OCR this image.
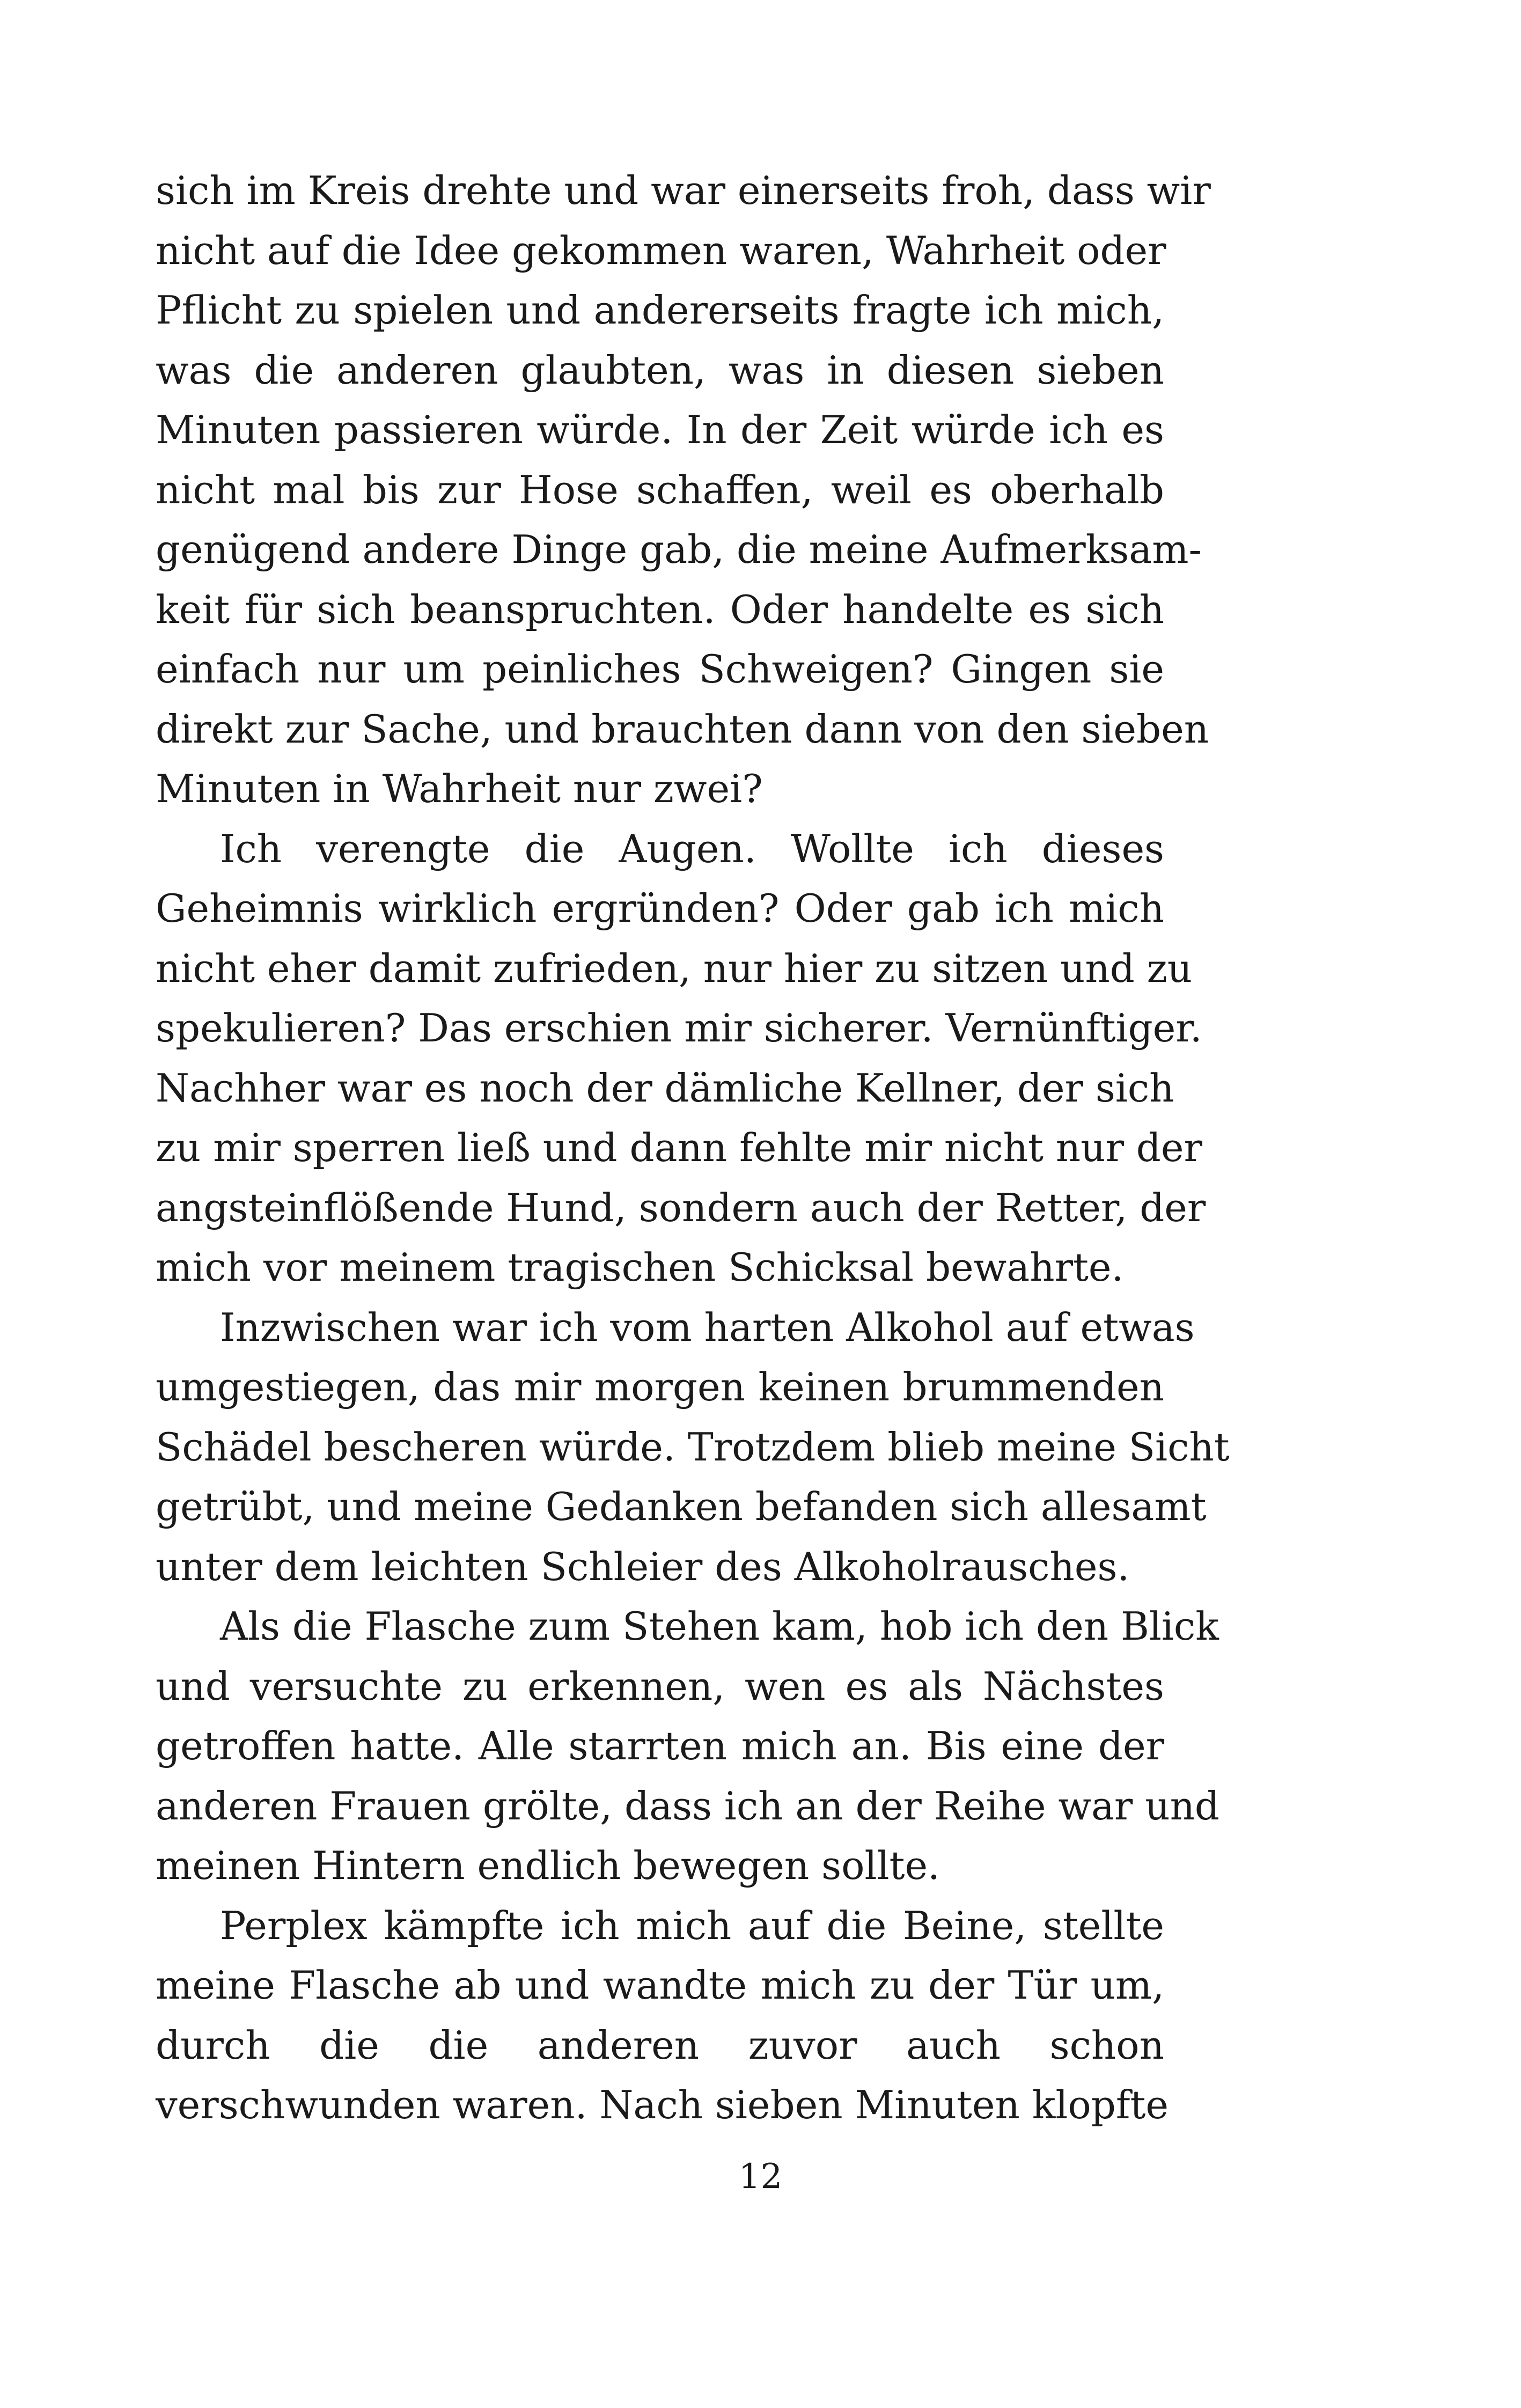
sich im Kreis drehte und war einerseits froh, dass wir
nicht auf die Idee gekommen waren, Wahrheit oder
Pflicht zu spielen und andererseits fragte ich mich,
was die anderen glaubten, was in diesen sieben
Minuten passieren würde. In der Zeit würde ich es
nicht mal bis zur Hose schaffen, weil es oberhalb
genügend andere Dinge gab, die meine Aufmerksam-
keit für sich beanspruchten. Oder handelte es sich
einfach nur um peinliches Schweigen? Gingen sie
direkt zur Sache, und brauchten dann von den sieben
Minuten in Wahrheit nur zwei?
Ich verengte die Augen. Wollte ich dieses
Geheimnis wirklich ergründen? Oder gab ich mich
nicht eher damit zufrieden, nur hier zu sitzen und zu
spekulieren? Das erschien mir sicherer. Vernünftiger.
Nachher war es noch der dämliche Kellner, der sich
zu mir sperren ließ und dann fehlte mir nicht nur der
angsteinflößende Hund, sondern auch der Retter, der
mich vor meinem tragischen Schicksal bewahrte.
Inzwischen war ich vom harten Alkohol auf etwas
umgestiegen, das mir morgen keinen brummenden
Schädel bescheren würde. Trotzdem blieb meine Sicht
getrübt, und meine Gedanken befanden sich allesamt
unter dem leichten Schleier des Alkoholrausches.
Als die Flasche zum Stehen kam, hob ich den Blick
und versuchte zu erkennen, wen es als Nächstes
getroffen hatte. Alle starrten mich an. Bis eine der
anderen Frauen grölte, dass ich an der Reihe war und
meinen Hintern endlich bewegen sollte.
Perplex kämpfte ich mich auf die Beine, stellte
meine Flasche ab und wandte mich zu der Tür um,
durch die die anderen zuvor auch schon
verschwunden waren. Nach sieben Minuten klopfte
12
